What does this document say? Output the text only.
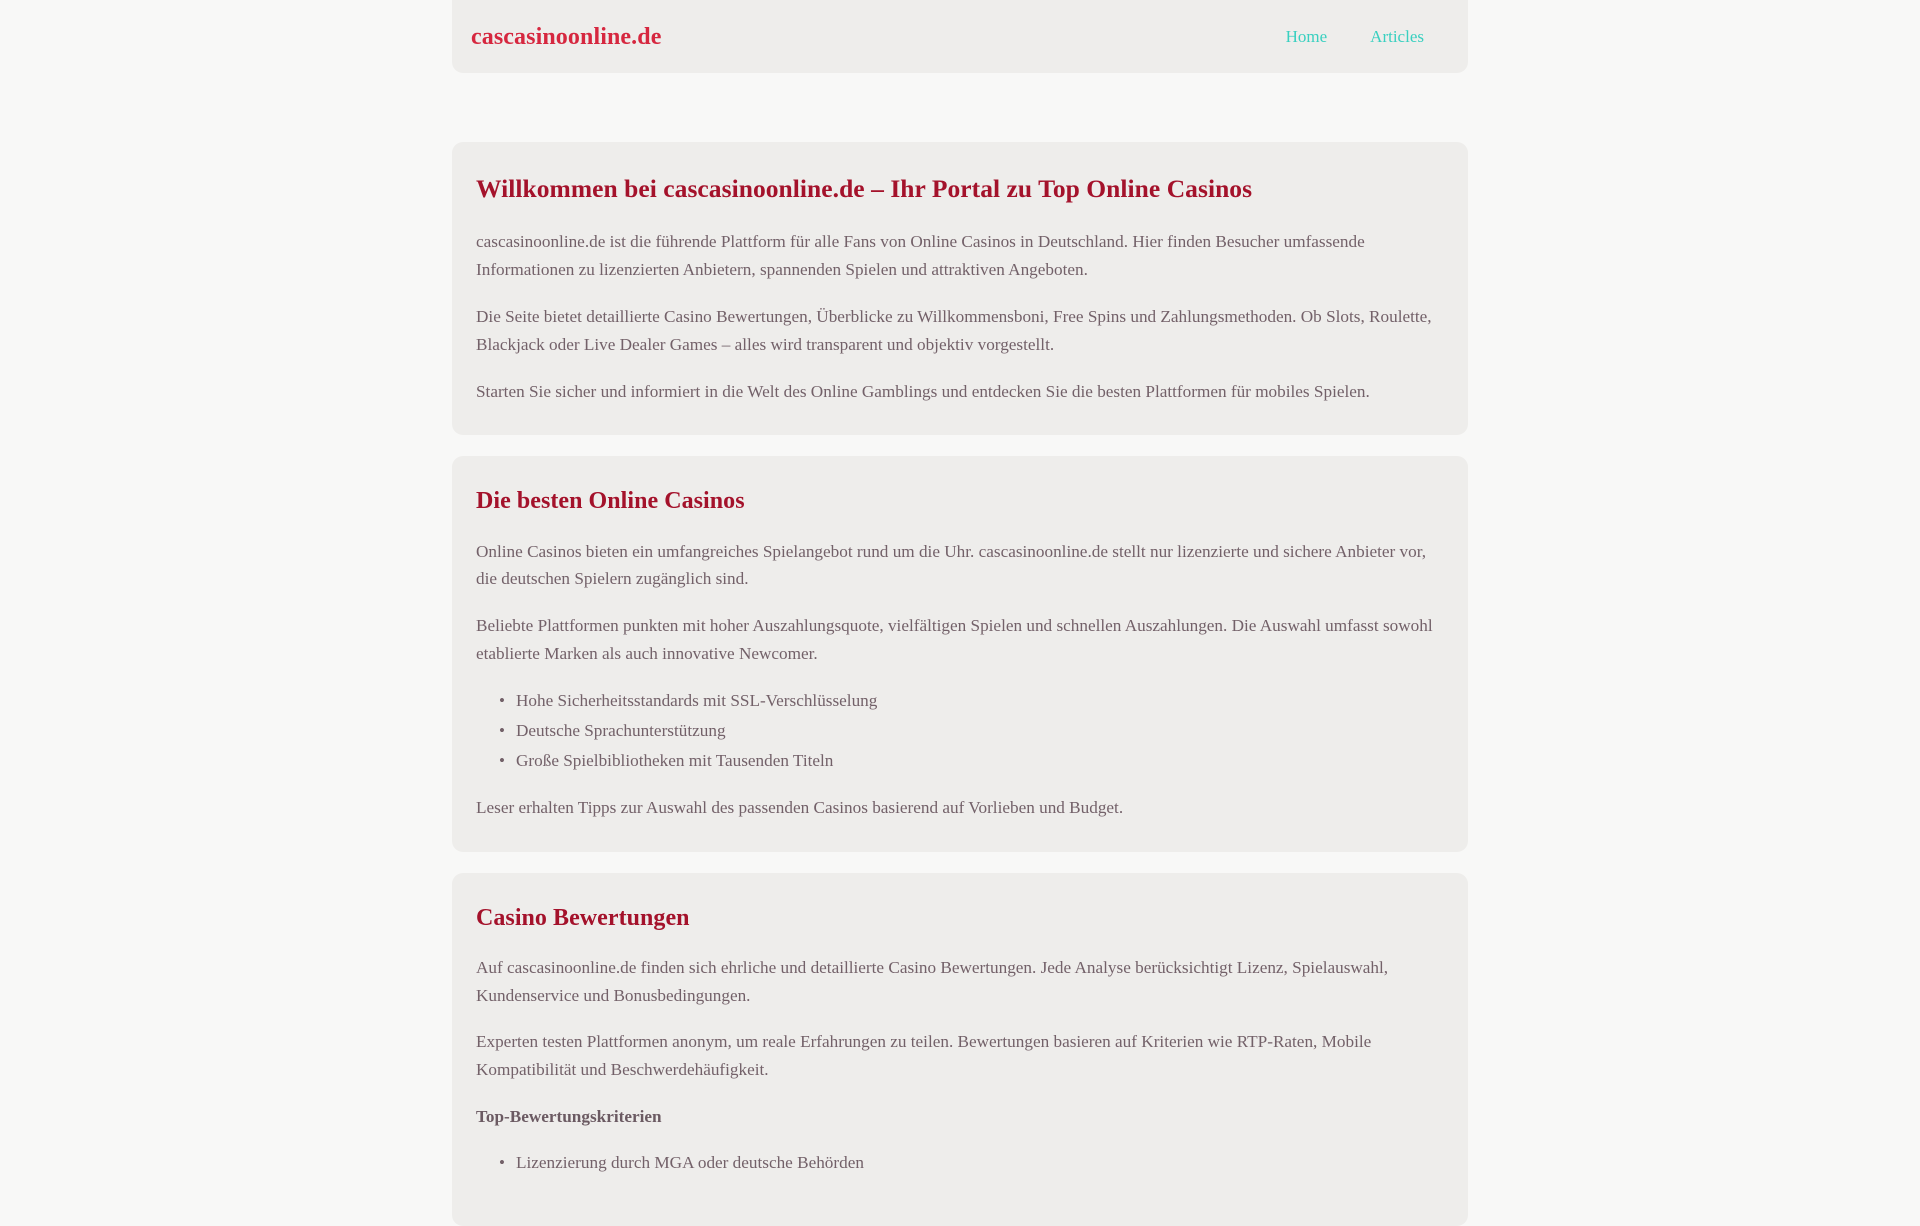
cascasinoonline.de	Home	Articles
Willkommen bei cascasinoonline.de – Ihr Portal zu Top Online Casinos

cascasinoonline.de ist die führende Plattform für alle Fans von Online Casinos in Deutschland. Hier finden Besucher umfassende Informationen zu lizenzierten Anbietern, spannenden Spielen und attraktiven Angeboten.

Die Seite bietet detaillierte Casino Bewertungen, Überblicke zu Willkommensboni, Free Spins und Zahlungsmethoden. Ob Slots, Roulette, Blackjack oder Live Dealer Games – alles wird transparent und objektiv vorgestellt.

Starten Sie sicher und informiert in die Welt des Online Gamblings und entdecken Sie die besten Plattformen für mobiles Spielen.

Die besten Online Casinos

Online Casinos bieten ein umfangreiches Spielangebot rund um die Uhr. cascasinoonline.de stellt nur lizenzierte und sichere Anbieter vor, die deutschen Spielern zugänglich sind.

Beliebte Plattformen punkten mit hoher Auszahlungsquote, vielfältigen Spielen und schnellen Auszahlungen. Die Auswahl umfasst sowohl etablierte Marken als auch innovative Newcomer.

• Hohe Sicherheitsstandards mit SSL-Verschlüsselung
• Deutsche Sprachunterstützung
• Große Spielbibliotheken mit Tausenden Titeln

Leser erhalten Tipps zur Auswahl des passenden Casinos basierend auf Vorlieben und Budget.

Casino Bewertungen

Auf cascasinoonline.de finden sich ehrliche und detaillierte Casino Bewertungen. Jede Analyse berücksichtigt Lizenz, Spielauswahl, Kundenservice und Bonusbedingungen.

Experten testen Plattformen anonym, um reale Erfahrungen zu teilen. Bewertungen basieren auf Kriterien wie RTP-Raten, Mobile Kompatibilität und Beschwerdehäufigkeit.

Top-Bewertungskriterien

• Lizenzierung durch MGA oder deutsche Behörden
